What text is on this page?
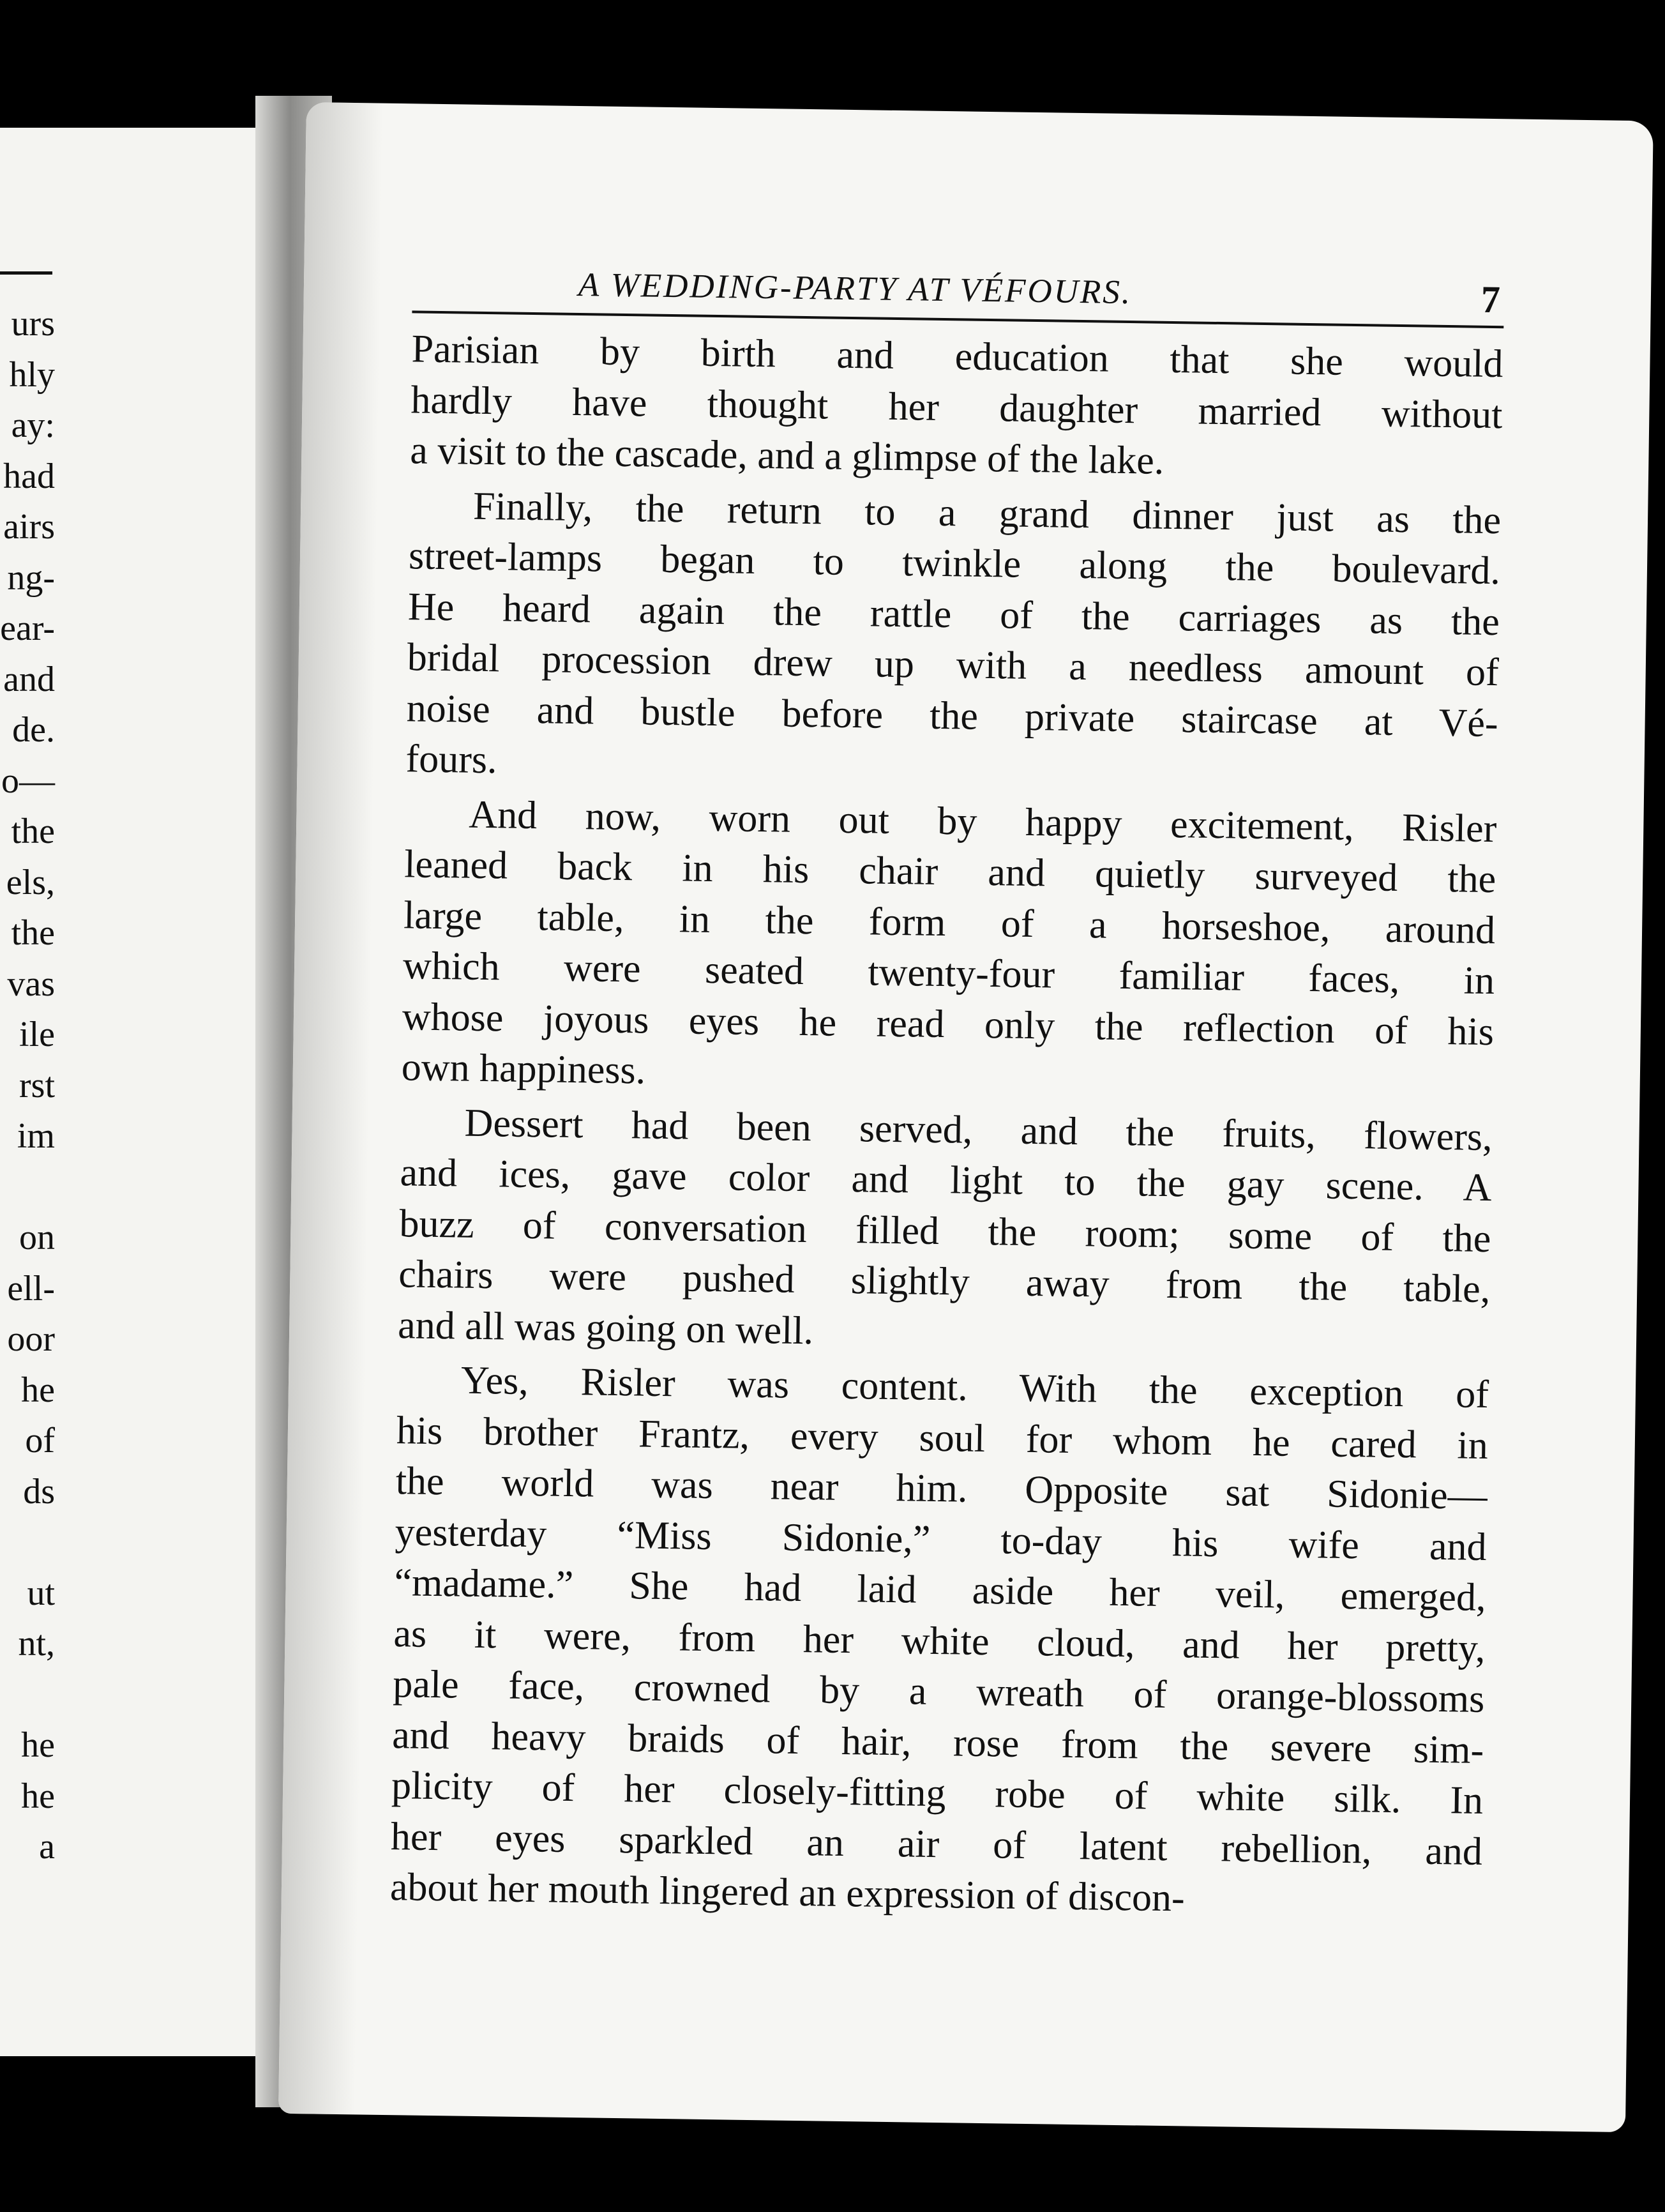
urs
hly
ay:
had
airs
ng-
ear-
and
de.
o—
the
els,
the
vas
ile
rst
im
on
ell-
oor
he
of
ds
ut
nt,
he
he
a
A WEDDING-PARTY AT VÉFOURS.	7

Parisian by birth and education that she would
hardly have thought her daughter married without
a visit to the cascade, and a glimpse of the lake.

Finally, the return to a grand dinner just as the
street-lamps began to twinkle along the boulevard.
He heard again the rattle of the carriages as the
bridal procession drew up with a needless amount of
noise and bustle before the private staircase at Vé-
fours.

And now, worn out by happy excitement, Risler
leaned back in his chair and quietly surveyed the
large table, in the form of a horseshoe, around
which were seated twenty-four familiar faces, in
whose joyous eyes he read only the reflection of his
own happiness.

Dessert had been served, and the fruits, flowers,
and ices, gave color and light to the gay scene. A
buzz of conversation filled the room; some of the
chairs were pushed slightly away from the table,
and all was going on well.

Yes, Risler was content. With the exception of
his brother Frantz, every soul for whom he cared in
the world was near him. Opposite sat Sidonie—
yesterday “Miss Sidonie,” to-day his wife and
“madame.” She had laid aside her veil, emerged,
as it were, from her white cloud, and her pretty,
pale face, crowned by a wreath of orange-blossoms
and heavy braids of hair, rose from the severe sim-
plicity of her closely-fitting robe of white silk. In
her eyes sparkled an air of latent rebellion, and
about her mouth lingered an expression of discon-
